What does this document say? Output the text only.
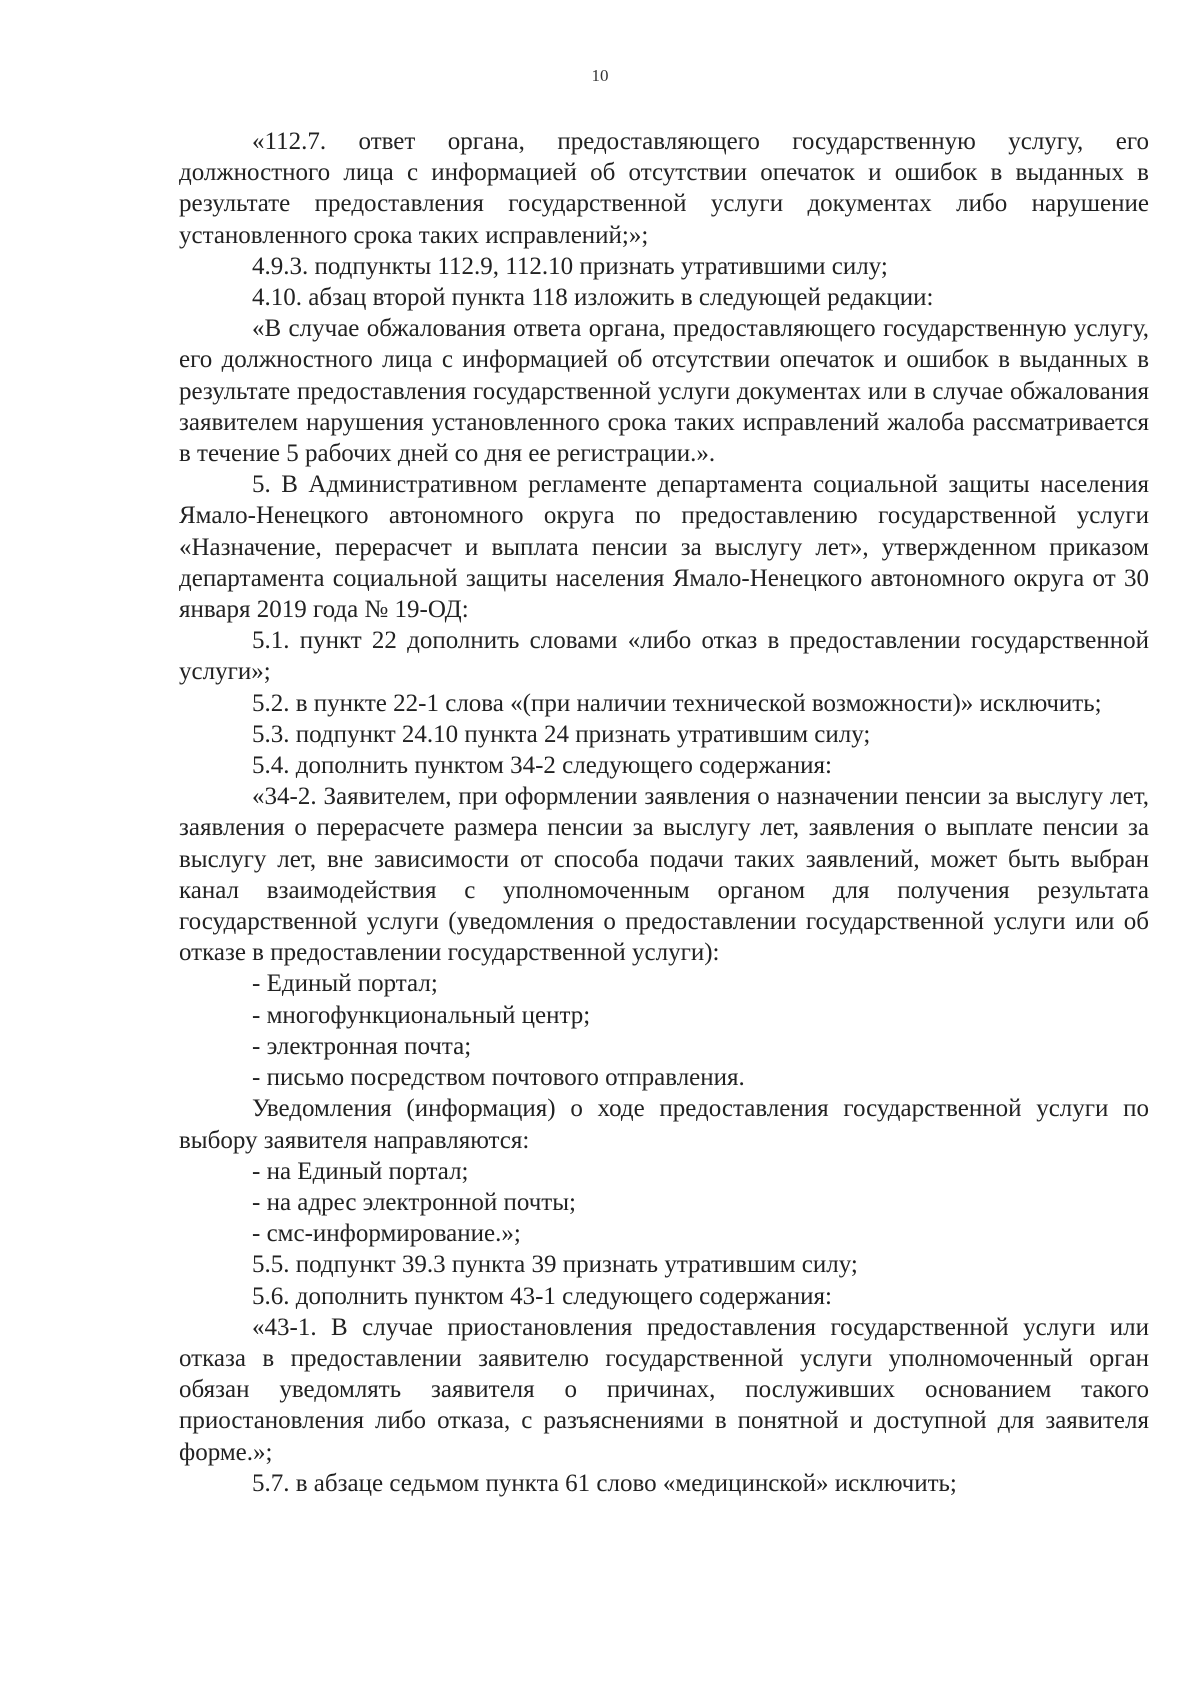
10

«112.7. ответ органа, предоставляющего государственную услугу, его должностного лица с информацией об отсутствии опечаток и ошибок в выданных в результате предоставления государственной услуги документах либо нарушение установленного срока таких исправлений;»;

4.9.3. подпункты 112.9, 112.10 признать утратившими силу;

4.10. абзац второй пункта 118 изложить в следующей редакции:

«В случае обжалования ответа органа, предоставляющего государственную услугу, его должностного лица с информацией об отсутствии опечаток и ошибок в выданных в результате предоставления государственной услуги документах или в случае обжалования заявителем нарушения установленного срока таких исправлений жалоба рассматривается в течение 5 рабочих дней со дня ее регистрации.».

5. В Административном регламенте департамента социальной защиты населения Ямало-Ненецкого автономного округа по предоставлению государственной услуги «Назначение, перерасчет и выплата пенсии за выслугу лет», утвержденном приказом департамента социальной защиты населения Ямало-Ненецкого автономного округа от 30 января 2019 года № 19-ОД:

5.1. пункт 22 дополнить словами «либо отказ в предоставлении государственной услуги»;

5.2. в пункте 22-1 слова «(при наличии технической возможности)» исключить;

5.3. подпункт 24.10 пункта 24 признать утратившим силу;

5.4. дополнить пунктом 34-2 следующего содержания:

«34-2. Заявителем, при оформлении заявления о назначении пенсии за выслугу лет, заявления о перерасчете размера пенсии за выслугу лет, заявления о выплате пенсии за выслугу лет, вне зависимости от способа подачи таких заявлений, может быть выбран канал взаимодействия с уполномоченным органом для получения результата государственной услуги (уведомления о предоставлении государственной услуги или об отказе в предоставлении государственной услуги):

- Единый портал;

- многофункциональный центр;

- электронная почта;

- письмо посредством почтового отправления.

Уведомления (информация) о ходе предоставления государственной услуги по выбору заявителя направляются:

- на Единый портал;

- на адрес электронной почты;

- смс-информирование.»;

5.5. подпункт 39.3 пункта 39 признать утратившим силу;

5.6. дополнить пунктом 43-1 следующего содержания:

«43-1. В случае приостановления предоставления государственной услуги или отказа в предоставлении заявителю государственной услуги уполномоченный орган обязан уведомлять заявителя о причинах, послуживших основанием такого приостановления либо отказа, с разъяснениями в понятной и доступной для заявителя форме.»;

5.7. в абзаце седьмом пункта 61 слово «медицинской» исключить;
